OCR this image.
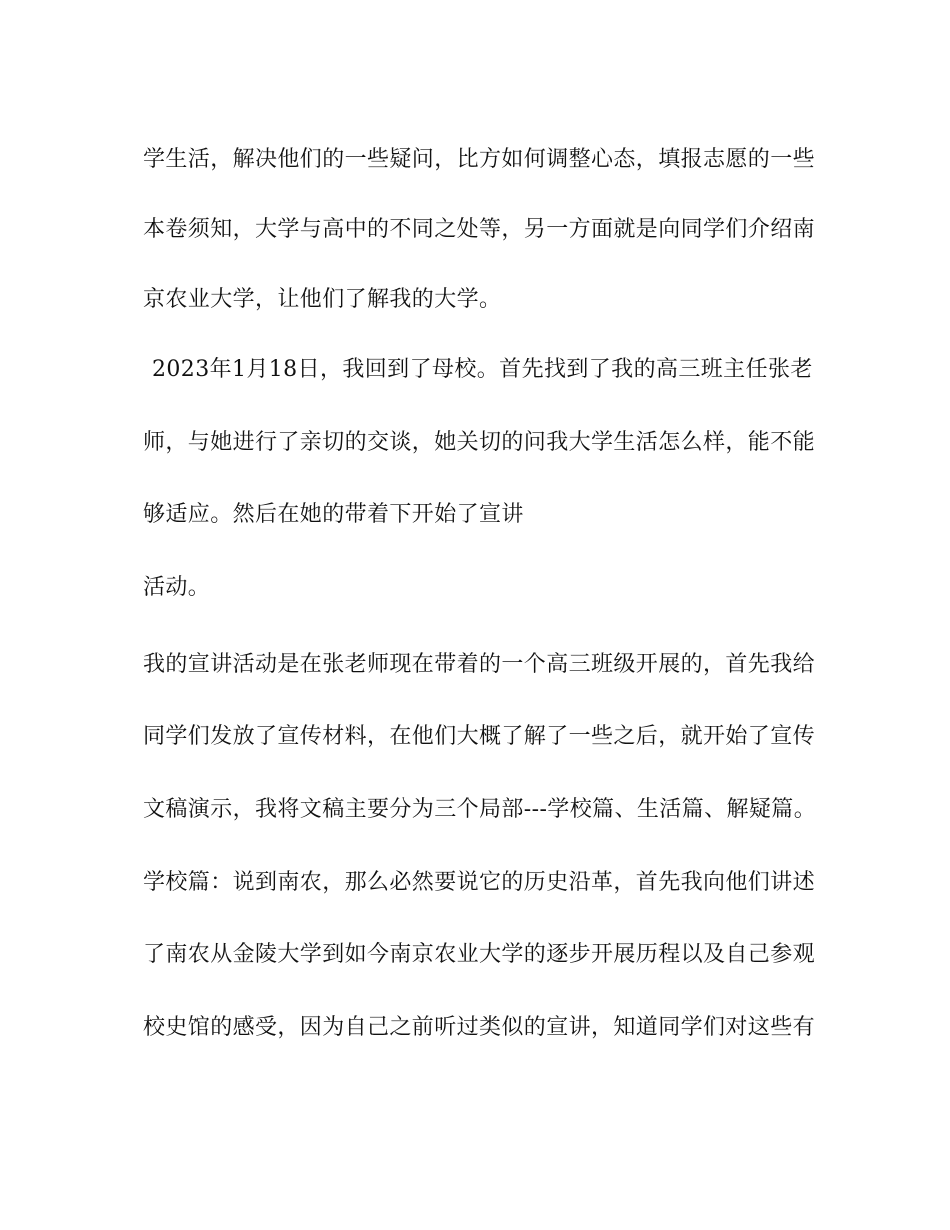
学生活，解决他们的一些疑问，比方如何调整心态，填报志愿的一些
本卷须知，大学与高中的不同之处等，另一方面就是向同学们介绍南
京农业大学，让他们了解我的大学。
2023年1月18日，我回到了母校。首先找到了我的高三班主任张老
师，与她进行了亲切的交谈，她关切的问我大学生活怎么样，能不能
够适应。然后在她的带着下开始了宣讲
活动。
我的宣讲活动是在张老师现在带着的一个高三班级开展的，首先我给
同学们发放了宣传材料，在他们大概了解了一些之后，就开始了宣传
文稿演示，我将文稿主要分为三个局部---学校篇、生活篇、解疑篇。
学校篇：说到南农，那么必然要说它的历史沿革，首先我向他们讲述
了南农从金陵大学到如今南京农业大学的逐步开展历程以及自己参观
校史馆的感受，因为自己之前听过类似的宣讲，知道同学们对这些有
